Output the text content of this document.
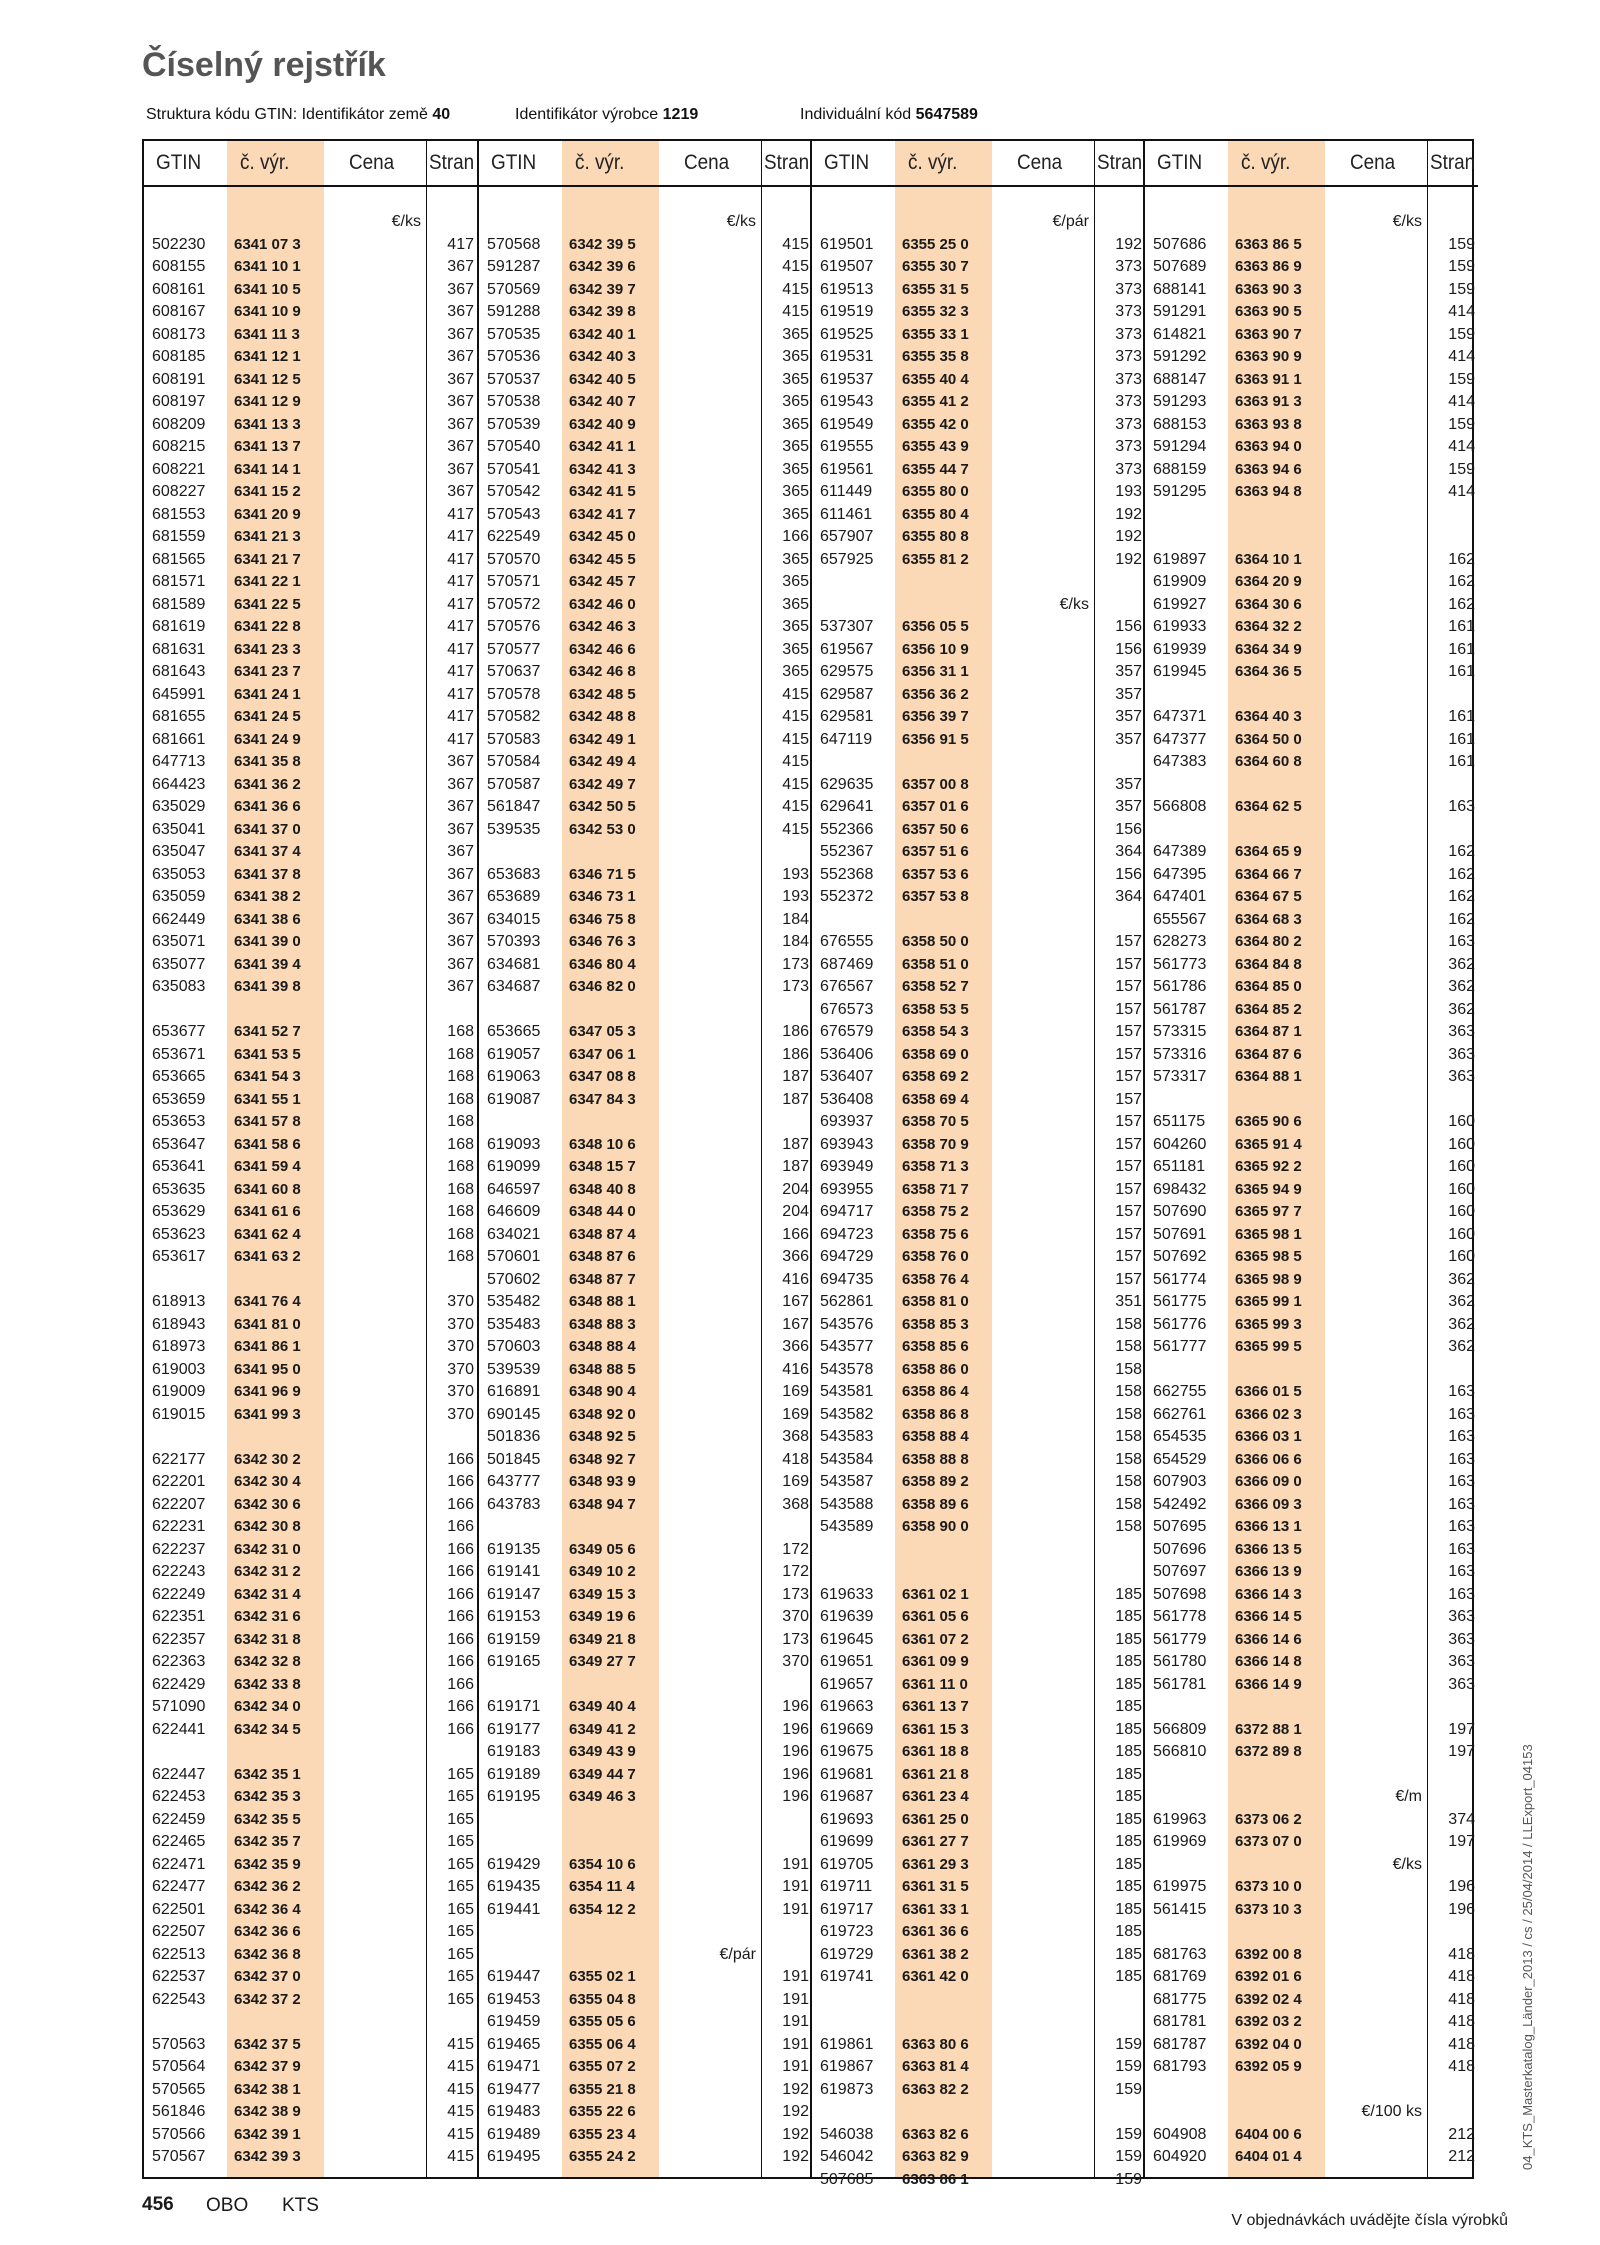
Číselný rejstřík
Struktura kódu GTIN: Identifikátor země 40	Identifikátor výrobce 1219	Individuální kód 5647589
GTIN č. výr.	Cena Stran
€/ks
502230 6341 07 3	417
608155 6341 10 1	367
608161 6341 10 5	367
608167 6341 10 9	367
608173 6341 11 3	367
608185 6341 12 1	367
608191 6341 12 5	367
608197 6341 12 9	367
608209 6341 13 3	367
608215 6341 13 7	367
608221 6341 14 1	367
608227 6341 15 2	367
681553 6341 20 9	417
681559 6341 21 3	417
681565 6341 21 7	417
681571 6341 22 1	417
681589 6341 22 5	417
681619 6341 22 8	417
681631 6341 23 3	417
681643 6341 23 7	417
645991 6341 24 1	417
681655 6341 24 5	417
681661 6341 24 9	417
647713 6341 35 8	367
664423 6341 36 2	367
635029 6341 36 6	367
635041 6341 37 0	367
635047 6341 37 4	367
635053 6341 37 8	367
635059 6341 38 2	367
662449 6341 38 6	367
635071 6341 39 0	367
635077 6341 39 4	367
635083 6341 39 8	367
653677 6341 52 7	168
653671 6341 53 5	168
653665 6341 54 3	168
653659 6341 55 1	168
653653 6341 57 8	168
653647 6341 58 6	168
653641 6341 59 4	168
653635 6341 60 8	168
653629 6341 61 6	168
653623 6341 62 4	168
653617 6341 63 2	168
618913 6341 76 4	370
618943 6341 81 0	370
618973 6341 86 1	370
619003 6341 95 0	370
619009 6341 96 9	370
619015 6341 99 3	370
622177 6342 30 2	166
622201 6342 30 4	166
622207 6342 30 6	166
622231 6342 30 8	166
622237 6342 31 0	166
622243 6342 31 2	166
622249 6342 31 4	166
622351 6342 31 6	166
622357 6342 31 8	166
622363 6342 32 8	166
622429 6342 33 8	166
571090 6342 34 0	166
622441 6342 34 5	166
622447 6342 35 1	165
622453 6342 35 3	165
622459 6342 35 5	165
622465 6342 35 7	165
622471 6342 35 9	165
622477 6342 36 2	165
622501 6342 36 4	165
622507 6342 36 6	165
622513 6342 36 8	165
622537 6342 37 0	165
622543 6342 37 2	165
570563 6342 37 5	415
570564 6342 37 9	415
570565 6342 38 1	415
561846 6342 38 9	415
570566 6342 39 1	415
570567 6342 39 3	415
GTIN č. výr.	Cena Stran
€/ks
570568 6342 39 5	415
591287 6342 39 6	415
570569 6342 39 7	415
591288 6342 39 8	415
570535 6342 40 1	365
570536 6342 40 3	365
570537 6342 40 5	365
570538 6342 40 7	365
570539 6342 40 9	365
570540 6342 41 1	365
570541 6342 41 3	365
570542 6342 41 5	365
570543 6342 41 7	365
622549 6342 45 0	166
570570 6342 45 5	365
570571 6342 45 7	365
570572 6342 46 0	365
570576 6342 46 3	365
570577 6342 46 6	365
570637 6342 46 8	365
570578 6342 48 5	415
570582 6342 48 8	415
570583 6342 49 1	415
570584 6342 49 4	415
570587 6342 49 7	415
561847 6342 50 5	415
539535 6342 53 0	415
653683 6346 71 5	193
653689 6346 73 1	193
634015 6346 75 8	184
570393 6346 76 3	184
634681 6346 80 4	173
634687 6346 82 0	173
653665 6347 05 3	186
619057 6347 06 1	186
619063 6347 08 8	187
619087 6347 84 3	187
619093 6348 10 6	187
619099 6348 15 7	187
646597 6348 40 8	204
646609 6348 44 0	204
634021 6348 87 4	166
570601 6348 87 6	366
570602 6348 87 7	416
535482 6348 88 1	167
535483 6348 88 3	167
570603 6348 88 4	366
539539 6348 88 5	416
616891 6348 90 4	169
690145 6348 92 0	169
501836 6348 92 5	368
501845 6348 92 7	418
643777 6348 93 9	169
643783 6348 94 7	368
619135 6349 05 6	172
619141 6349 10 2	172
619147 6349 15 3	173
619153 6349 19 6	370
619159 6349 21 8	173
619165 6349 27 7	370
619171 6349 40 4	196
619177 6349 41 2	196
619183 6349 43 9	196
619189 6349 44 7	196
619195 6349 46 3	196
619429 6354 10 6	191
619435 6354 11 4	191
619441 6354 12 2	191
€/pár
619447 6355 02 1	191
619453 6355 04 8	191
619459 6355 05 6	191
619465 6355 06 4	191
619471 6355 07 2	191
619477 6355 21 8	192
619483 6355 22 6	192
619489 6355 23 4	192
619495 6355 24 2	192
GTIN č. výr.	Cena Stran
€/pár
619501 6355 25 0	192
619507 6355 30 7	373
619513 6355 31 5	373
619519 6355 32 3	373
619525 6355 33 1	373
619531 6355 35 8	373
619537 6355 40 4	373
619543 6355 41 2	373
619549 6355 42 0	373
619555 6355 43 9	373
619561 6355 44 7	373
611449 6355 80 0	193
611461 6355 80 4	192
657907 6355 80 8	192
657925 6355 81 2	192
€/ks
537307 6356 05 5	156
619567 6356 10 9	156
629575 6356 31 1	357
629587 6356 36 2	357
629581 6356 39 7	357
647119 6356 91 5	357
629635 6357 00 8	357
629641 6357 01 6	357
552366 6357 50 6	156
552367 6357 51 6	364
552368 6357 53 6	156
552372 6357 53 8	364
676555 6358 50 0	157
687469 6358 51 0	157
676567 6358 52 7	157
676573 6358 53 5	157
676579 6358 54 3	157
536406 6358 69 0	157
536407 6358 69 2	157
536408 6358 69 4	157
693937 6358 70 5	157
693943 6358 70 9	157
693949 6358 71 3	157
693955 6358 71 7	157
694717 6358 75 2	157
694723 6358 75 6	157
694729 6358 76 0	157
694735 6358 76 4	157
562861 6358 81 0	351
543576 6358 85 3	158
543577 6358 85 6	158
543578 6358 86 0	158
543581 6358 86 4	158
543582 6358 86 8	158
543583 6358 88 4	158
543584 6358 88 8	158
543587 6358 89 2	158
543588 6358 89 6	158
543589 6358 90 0	158
619633 6361 02 1	185
619639 6361 05 6	185
619645 6361 07 2	185
619651 6361 09 9	185
619657 6361 11 0	185
619663 6361 13 7	185
619669 6361 15 3	185
619675 6361 18 8	185
619681 6361 21 8	185
619687 6361 23 4	185
619693 6361 25 0	185
619699 6361 27 7	185
619705 6361 29 3	185
619711 6361 31 5	185
619717 6361 33 1	185
619723 6361 36 6	185
619729 6361 38 2	185
619741 6361 42 0	185
619861 6363 80 6	159
619867 6363 81 4	159
619873 6363 82 2	159
546038 6363 82 6	159
546042 6363 82 9	159
507685 6363 86 1	159
GTIN č. výr.	Cena Stran
€/ks
507686 6363 86 5	159
507689 6363 86 9	159
688141 6363 90 3	159
591291 6363 90 5	414
614821 6363 90 7	159
591292 6363 90 9	414
688147 6363 91 1	159
591293 6363 91 3	414
688153 6363 93 8	159
591294 6363 94 0	414
688159 6363 94 6	159
591295 6363 94 8	414
619897 6364 10 1	162
619909 6364 20 9	162
619927 6364 30 6	162
619933 6364 32 2	161
619939 6364 34 9	161
619945 6364 36 5	161
647371 6364 40 3	161
647377 6364 50 0	161
647383 6364 60 8	161
566808 6364 62 5	163
647389 6364 65 9	162
647395 6364 66 7	162
647401 6364 67 5	162
655567 6364 68 3	162
628273 6364 80 2	163
561773 6364 84 8	362
561786 6364 85 0	362
561787 6364 85 2	362
573315 6364 87 1	363
573316 6364 87 6	363
573317 6364 88 1	363
651175 6365 90 6	160
604260 6365 91 4	160
651181 6365 92 2	160
698432 6365 94 9	160
507690 6365 97 7	160
507691 6365 98 1	160
507692 6365 98 5	160
561774 6365 98 9	362
561775 6365 99 1	362
561776 6365 99 3	362
561777 6365 99 5	362
662755 6366 01 5	163
662761 6366 02 3	163
654535 6366 03 1	163
654529 6366 06 6	163
607903 6366 09 0	163
542492 6366 09 3	163
507695 6366 13 1	163
507696 6366 13 5	163
507697 6366 13 9	163
507698 6366 14 3	163
561778 6366 14 5	363
561779 6366 14 6	363
561780 6366 14 8	363
561781 6366 14 9	363
566809 6372 88 1	197
566810 6372 89 8	197
€/m
619963 6373 06 2	374
619969 6373 07 0	197
€/ks
619975 6373 10 0	196
561415 6373 10 3	196
681763 6392 00 8	418
681769 6392 01 6	418
681775 6392 02 4	418
681781 6392 03 2	418
681787 6392 04 0	418
681793 6392 05 9	418
€/100 ks
604908 6404 00 6	212
604920 6404 01 4	212	04_KTS_Masterkatalog_Länder_2013 / cs / 25/04/2014 / LLExport_04153
456 OBO KTS
V objednávkách uvádějte čísla výrobků
